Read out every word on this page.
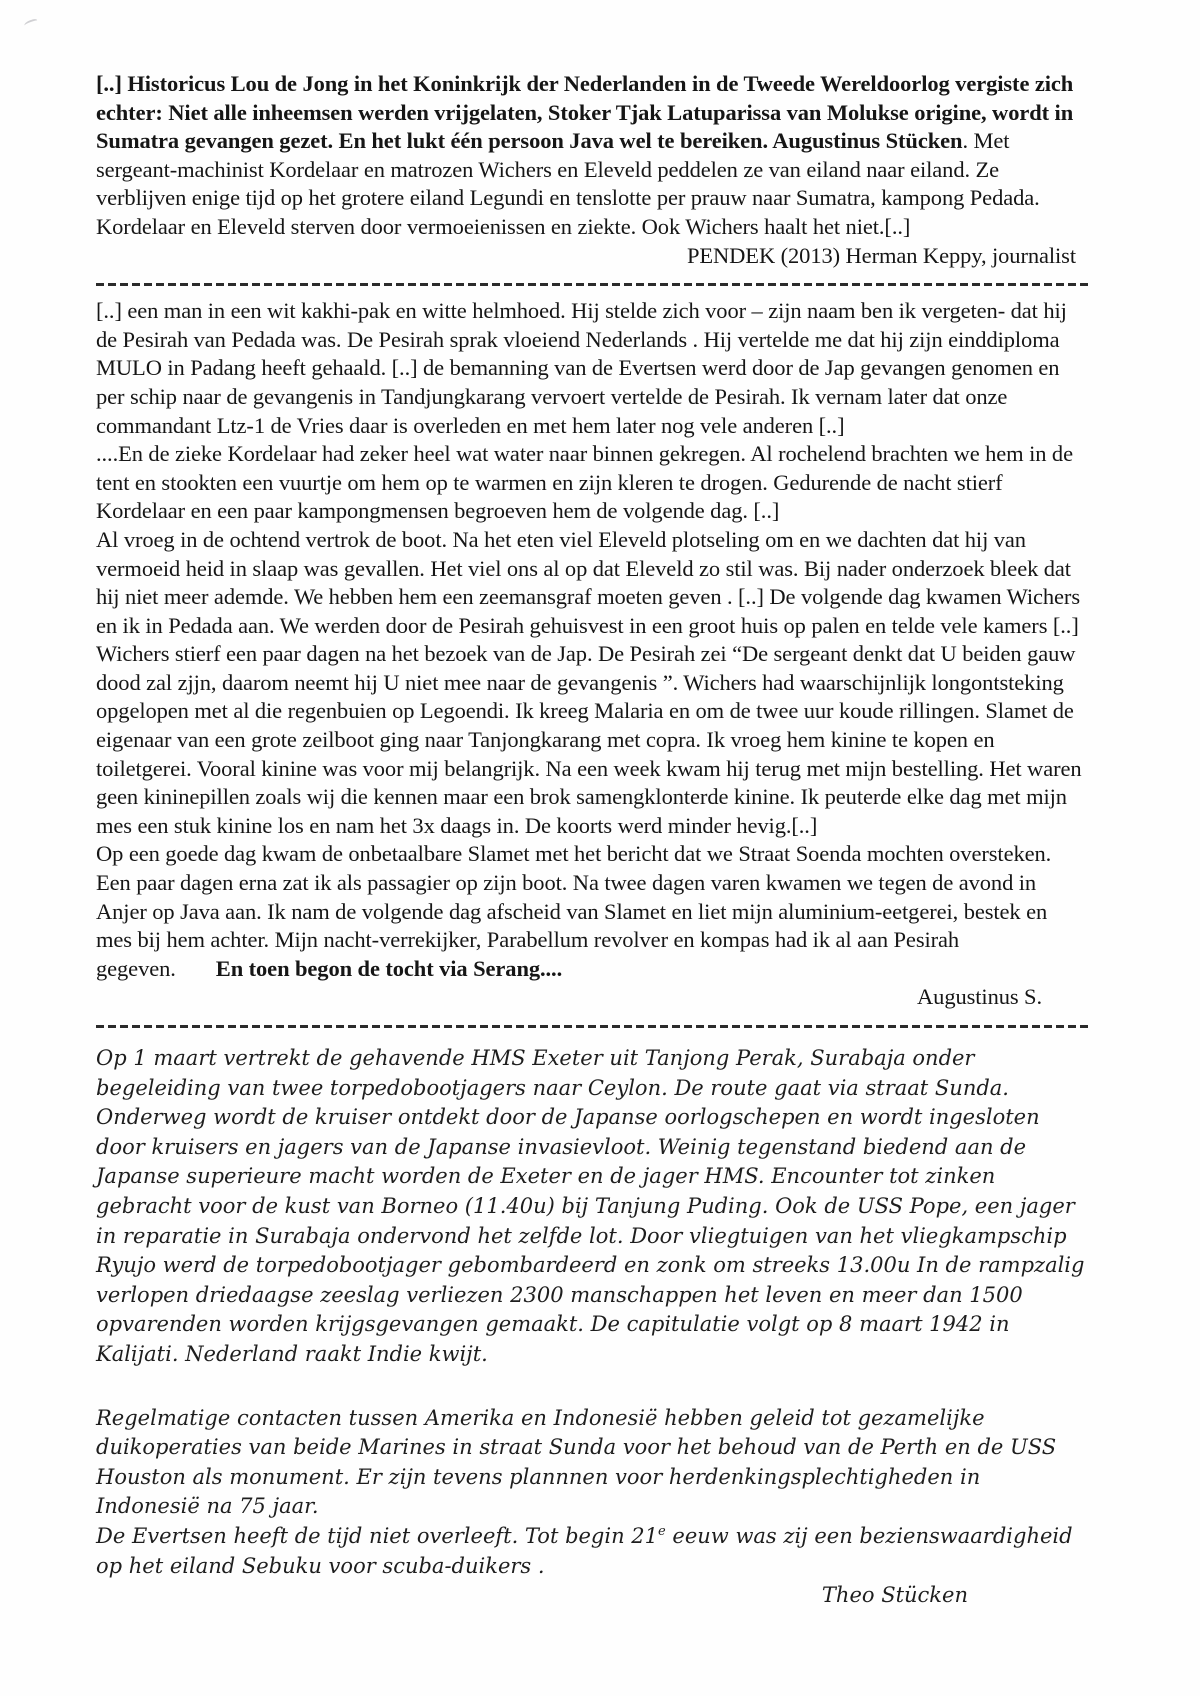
[..] Historicus Lou de Jong in het Koninkrijk der Nederlanden in de Tweede Wereldoorlog vergiste zich echter: Niet alle inheemsen werden vrijgelaten, Stoker Tjak Latuparissa van Molukse origine, wordt in Sumatra gevangen gezet. En het lukt één persoon Java wel te bereiken. Augustinus Stücken. Met sergeant-machinist Kordelaar en matrozen Wichers en Eleveld peddelen ze van eiland naar eiland. Ze verblijven enige tijd op het grotere eiland Legundi en tenslotte per prauw naar Sumatra, kampong Pedada. Kordelaar en Eleveld sterven door vermoeienissen en ziekte. Ook Wichers haalt het niet.[..]

PENDEK (2013) Herman Keppy, journalist

[..] een man in een wit kakhi-pak en witte helmhoed. Hij stelde zich voor – zijn naam ben ik vergeten- dat hij de Pesirah van Pedada was. De Pesirah sprak vloeiend Nederlands . Hij vertelde me dat hij zijn einddiploma MULO in Padang heeft gehaald. [..] de bemanning van de Evertsen werd door de Jap gevangen genomen en per schip naar de gevangenis in Tandjungkarang vervoert vertelde de Pesirah. Ik vernam later dat onze commandant Ltz-1 de Vries daar is overleden en met hem later nog vele anderen [..]

....En de zieke Kordelaar had zeker heel wat water naar binnen gekregen. Al rochelend brachten we hem in de tent en stookten een vuurtje om hem op te warmen en zijn kleren te drogen. Gedurende de nacht stierf Kordelaar en een paar kampongmensen begroeven hem de volgende dag. [..]

Al vroeg in de ochtend vertrok de boot. Na het eten viel Eleveld plotseling om en we dachten dat hij van vermoeid heid in slaap was gevallen. Het viel ons al op dat Eleveld zo stil was. Bij nader onderzoek bleek dat hij niet meer ademde. We hebben hem een zeemansgraf moeten geven . [..] De volgende dag kwamen Wichers en ik in Pedada aan. We werden door de Pesirah gehuisvest in een groot huis op palen en telde vele kamers [..] Wichers stierf een paar dagen na het bezoek van de Jap. De Pesirah zei “De sergeant denkt dat U beiden gauw dood zal zjjn, daarom neemt hij U niet mee naar de gevangenis ”. Wichers had waarschijnlijk longontsteking opgelopen met al die regenbuien op Legoendi. Ik kreeg Malaria en om de twee uur koude rillingen. Slamet de eigenaar van een grote zeilboot ging naar Tanjongkarang met copra. Ik vroeg hem kinine te kopen en toiletgerei. Vooral kinine was voor mij belangrijk. Na een week kwam hij terug met mijn bestelling. Het waren geen kininepillen zoals wij die kennen maar een brok samengklonterde kinine. Ik peuterde elke dag met mijn mes een stuk kinine los en nam het 3x daags in. De koorts werd minder hevig.[..]

Op een goede dag kwam de onbetaalbare Slamet met het bericht dat we Straat Soenda mochten oversteken. Een paar dagen erna zat ik als passagier op zijn boot. Na twee dagen varen kwamen we tegen de avond in Anjer op Java aan. Ik nam de volgende dag afscheid van Slamet en liet mijn aluminium-eetgerei, bestek en mes bij hem achter. Mijn nacht-verrekijker, Parabellum revolver en kompas had ik al aan Pesirah gegeven. En toen begon de tocht via Serang....

Augustinus S.

Op 1 maart vertrekt de gehavende HMS Exeter uit Tanjong Perak, Surabaja onder begeleiding van twee torpedobootjagers naar Ceylon. De route gaat via straat Sunda. Onderweg wordt de kruiser ontdekt door de Japanse oorlogschepen en wordt ingesloten door kruisers en jagers van de Japanse invasievloot. Weinig tegenstand biedend aan de Japanse superieure macht worden de Exeter en de jager HMS. Encounter tot zinken gebracht voor de kust van Borneo (11.40u) bij Tanjung Puding. Ook de USS Pope, een jager in reparatie in Surabaja ondervond het zelfde lot. Door vliegtuigen van het vliegkampschip Ryujo werd de torpedobootjager gebombardeerd en zonk om streeks 13.00u In de rampzalig verlopen driedaagse zeeslag verliezen 2300 manschappen het leven en meer dan 1500 opvarenden worden krijgsgevangen gemaakt. De capitulatie volgt op 8 maart 1942 in Kalijati. Nederland raakt Indie kwijt.

Regelmatige contacten tussen Amerika en Indonesië hebben geleid tot gezamelijke duikoperaties van beide Marines in straat Sunda voor het behoud van de Perth en de USS Houston als monument. Er zijn tevens plannnen voor herdenkingsplechtigheden in Indonesië na 75 jaar.

De Evertsen heeft de tijd niet overleeft. Tot begin 21e eeuw was zij een bezienswaardigheid op het eiland Sebuku voor scuba-duikers .

Theo Stücken
